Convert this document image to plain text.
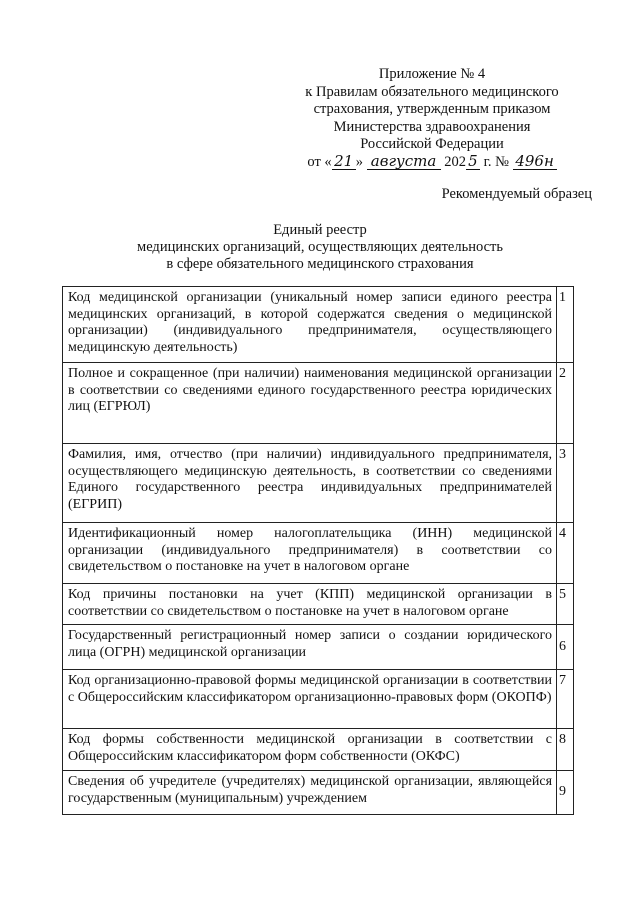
Приложение № 4
к Правилам обязательного медицинского
страхования, утвержденным приказом
Министерства здравоохранения
Российской Федерации
от « 21 » августа 202 5 г. № 496н
Рекомендуемый образец
Единый реестр
медицинских организаций, осуществляющих деятельность
в сфере обязательного медицинского страхования
Код медицинской организации (уникальный номер записи единого реестра медицинских организаций, в которой содержатся сведения о медицинской организации) (индивидуального предпринимателя, осуществляющего медицинскую деятельность)	1
Полное и сокращенное (при наличии) наименования медицинской организации в соответствии со сведениями единого государственного реестра юридических лиц (ЕГРЮЛ)	2
Фамилия, имя, отчество (при наличии) индивидуального предпринимателя, осуществляющего медицинскую деятельность, в соответствии со сведениями Единого государственного реестра индивидуальных предпринимателей (ЕГРИП)	3
Идентификационный номер налогоплательщика (ИНН) медицинской организации (индивидуального предпринимателя) в соответствии со свидетельством о постановке на учет в налоговом органе	4
Код причины постановки на учет (КПП) медицинской организации в соответствии со свидетельством о постановке на учет в налоговом органе	5
Государственный регистрационный номер записи о создании юридического лица (ОГРН) медицинской организации	6
Код организационно-правовой формы медицинской организации в соответствии с Общероссийским классификатором организационно-правовых форм (ОКОПФ)	7
Код формы собственности медицинской организации в соответствии с Общероссийским классификатором форм собственности (ОКФС)	8
Сведения об учредителе (учредителях) медицинской организации, являющейся государственным (муниципальным) учреждением	9
